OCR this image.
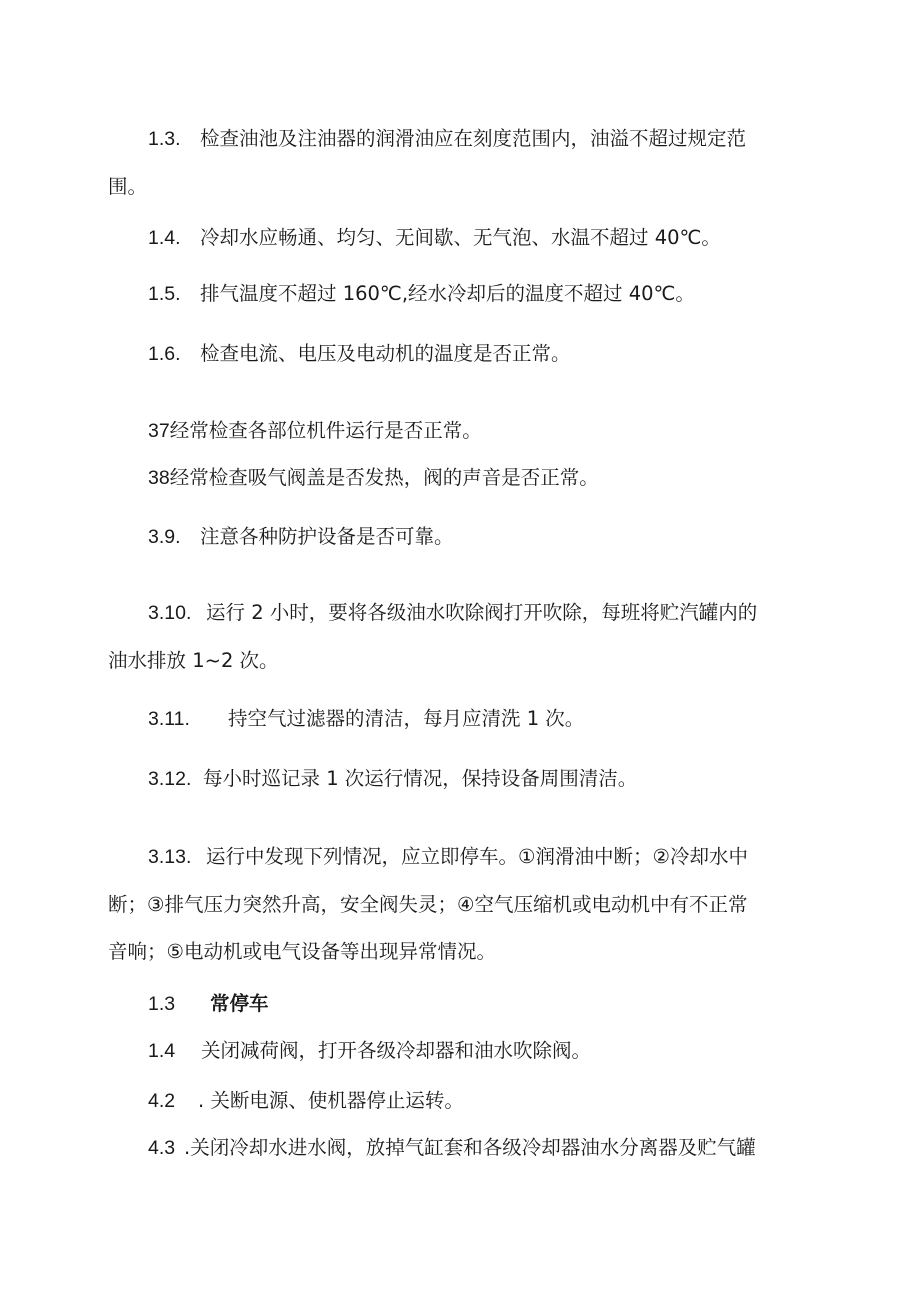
1.3. 检查油池及注油器的润滑油应在刻度范围内，油溢不超过规定范
围。
1.4. 冷却水应畅通、均匀、无间歇、无气泡、水温不超过 40℃。
1.5. 排气温度不超过 160℃,经水冷却后的温度不超过 40℃。
1.6. 检查电流、电压及电动机的温度是否正常。
37经常检查各部位机件运行是否正常。
38经常检查吸气阀盖是否发热，阀的声音是否正常。
3.9. 注意各种防护设备是否可靠。
3.10. 运行 2 小时，要将各级油水吹除阀打开吹除，每班将贮汽罐内的
油水排放 1~2 次。
3.11. 持空气过滤器的清洁，每月应清洗 1 次。
3.12. 每小时巡记录 1 次运行情况，保持设备周围清洁。
3.13. 运行中发现下列情况，应立即停车。①润滑油中断；②冷却水中
断；③排气压力突然升高，安全阀失灵；④空气压缩机或电动机中有不正常
音响；⑤电动机或电气设备等出现异常情况。
1.3 常停车
1.4 关闭减荷阀，打开各级冷却器和油水吹除阀。
4.2 . 关断电源、使机器停止运转。
4.3 .关闭冷却水进水阀，放掉气缸套和各级冷却器油水分离器及贮气罐
